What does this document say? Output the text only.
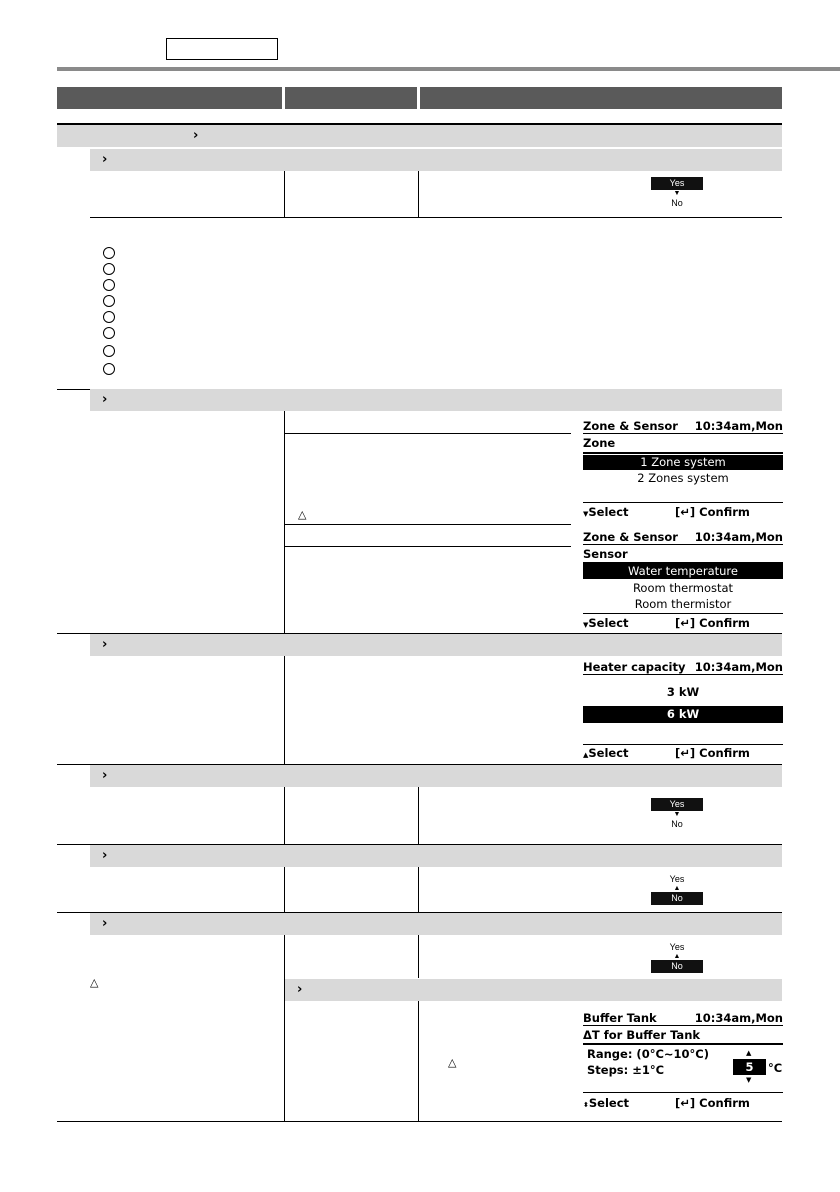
›
›
Yes
▼
No
›
△
Zone & Sensor 10:34am,Mon
Zone
1 Zone system
2 Zones system
▼Select	[↵] Confirm
Zone & Sensor 10:34am,Mon
Sensor
Water temperature
Room thermostat
Room thermistor
▼Select	[↵] Confirm
›
Heater capacity 10:34am,Mon
3 kW
6 kW
▲Select	[↵] Confirm
›
Yes
▼
No
›
Yes
▲
No
›
△
Yes
▲
No
›
△
Buffer Tank	10:34am,Mon
ΔT for Buffer Tank
Range: (0°C~10°C)
Steps: ±1°C
▲
5	°C
▼
⬍Select	[↵] Confirm
